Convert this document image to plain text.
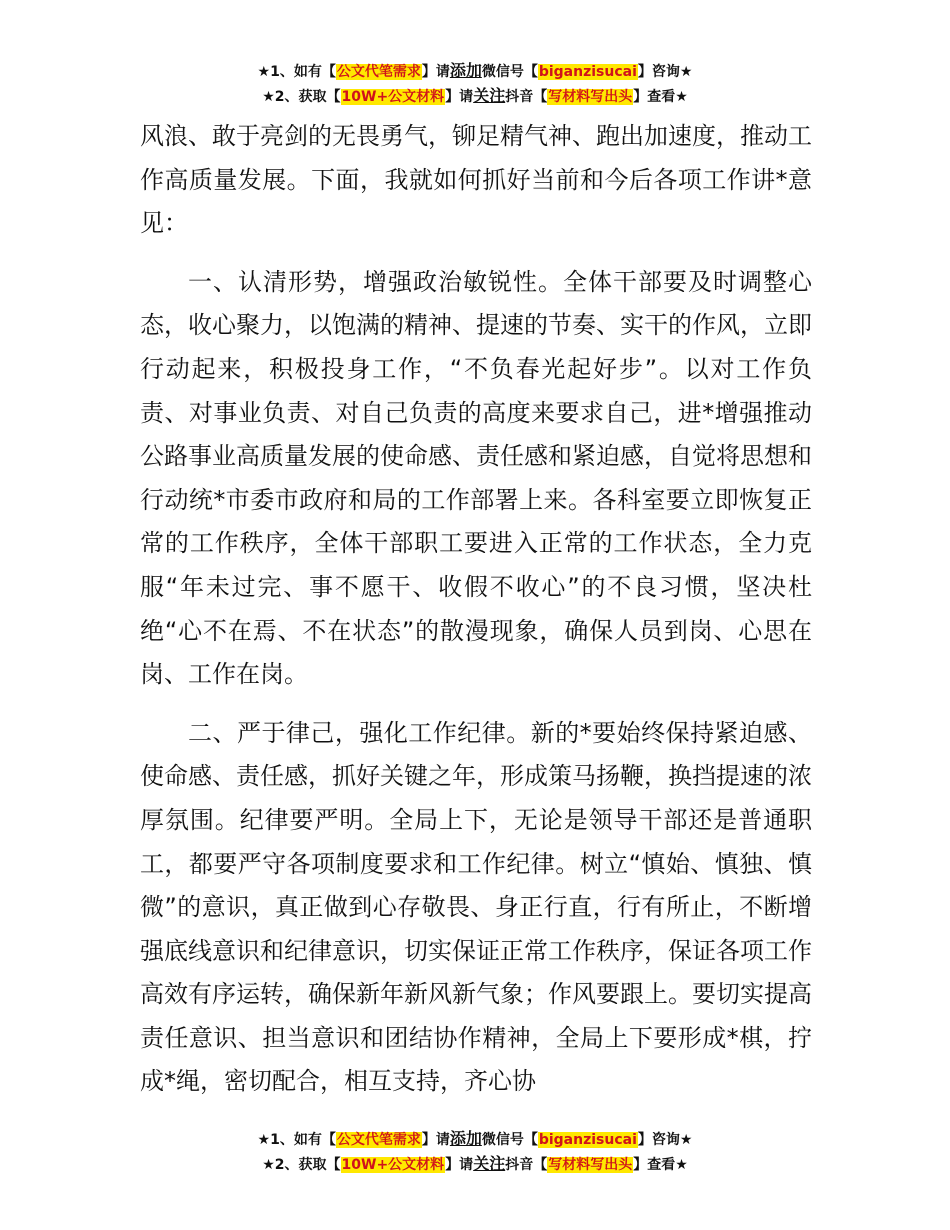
★1、如有【公文代笔需求】请添加微信号【biganzisucai】咨询★
★2、获取【10W+公文材料】请关注抖音【写材料写出头】查看★

风浪、敢于亮剑的无畏勇气，铆足精气神、跑出加速度，推动工作高质量发展。下面，我就如何抓好当前和今后各项工作讲*意见：

一、认清形势，增强政治敏锐性。全体干部要及时调整心态，收心聚力，以饱满的精神、提速的节奏、实干的作风，立即行动起来，积极投身工作，“不负春光起好步”。以对工作负责、对事业负责、对自己负责的高度来要求自己，进*增强推动公路事业高质量发展的使命感、责任感和紧迫感，自觉将思想和行动统*市委市政府和局的工作部署上来。各科室要立即恢复正常的工作秩序，全体干部职工要进入正常的工作状态，全力克服“年未过完、事不愿干、收假不收心”的不良习惯，坚决杜绝“心不在焉、不在状态”的散漫现象，确保人员到岗、心思在岗、工作在岗。

二、严于律己，强化工作纪律。新的*要始终保持紧迫感、使命感、责任感，抓好关键之年，形成策马扬鞭，换挡提速的浓厚氛围。纪律要严明。全局上下，无论是领导干部还是普通职工，都要严守各项制度要求和工作纪律。树立“慎始、慎独、慎微”的意识，真正做到心存敬畏、身正行直，行有所止，不断增强底线意识和纪律意识，切实保证正常工作秩序，保证各项工作高效有序运转，确保新年新风新气象；作风要跟上。要切实提高责任意识、担当意识和团结协作精神，全局上下要形成*棋，拧成*绳，密切配合，相互支持，齐心协

★1、如有【公文代笔需求】请添加微信号【biganzisucai】咨询★
★2、获取【10W+公文材料】请关注抖音【写材料写出头】查看★
